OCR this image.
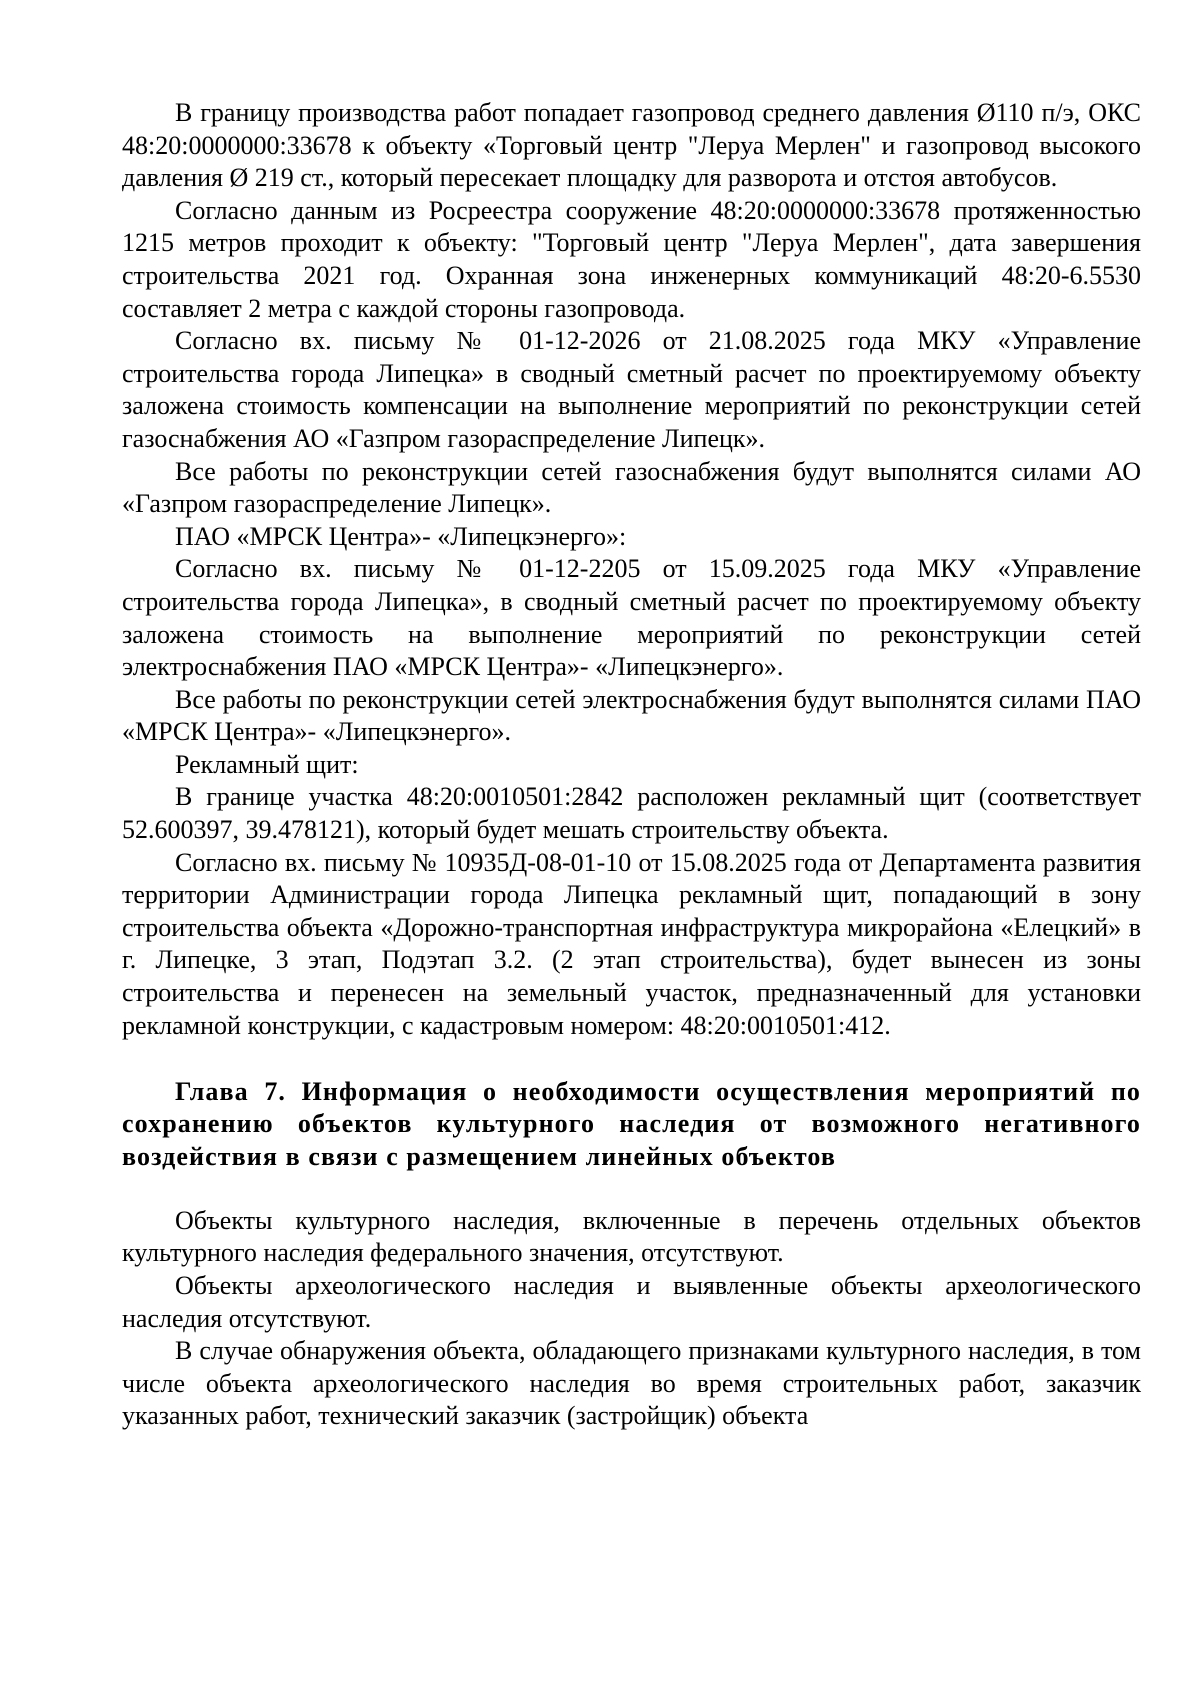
В границу производства работ попадает газопровод среднего давления Ø110 п/э, ОКС 48:20:0000000:33678 к объекту «Торговый центр "Леруа Мерлен" и газопровод высокого давления Ø 219 ст., который пересекает площадку для разворота и отстоя автобусов.

Согласно данным из Росреестра сооружение 48:20:0000000:33678 протяженностью 1215 метров проходит к объекту: "Торговый центр "Леруа Мерлен", дата завершения строительства 2021 год. Охранная зона инженерных коммуникаций 48:20-6.5530 составляет 2 метра с каждой стороны газопровода.

Согласно вх. письму № 01-12-2026 от 21.08.2025 года МКУ «Управление строительства города Липецка» в сводный сметный расчет по проектируемому объекту заложена стоимость компенсации на выполнение мероприятий по реконструкции сетей газоснабжения АО «Газпром газораспределение Липецк».

Все работы по реконструкции сетей газоснабжения будут выполнятся силами АО «Газпром газораспределение Липецк».

ПАО «МРСК Центра»- «Липецкэнерго»:

Согласно вх. письму № 01-12-2205 от 15.09.2025 года МКУ «Управление строительства города Липецка», в сводный сметный расчет по проектируемому объекту заложена стоимость на выполнение мероприятий по реконструкции сетей электроснабжения ПАО «МРСК Центра»- «Липецкэнерго».

Все работы по реконструкции сетей электроснабжения будут выполнятся силами ПАО «МРСК Центра»- «Липецкэнерго».

Рекламный щит:

В границе участка 48:20:0010501:2842 расположен рекламный щит (соответствует 52.600397, 39.478121), который будет мешать строительству объекта.

Согласно вх. письму № 10935Д-08-01-10 от 15.08.2025 года от Департамента развития территории Администрации города Липецка рекламный щит, попадающий в зону строительства объекта «Дорожно-транспортная инфраструктура микрорайона «Елецкий» в г. Липецке, 3 этап, Подэтап 3.2. (2 этап строительства), будет вынесен из зоны строительства и перенесен на земельный участок, предназначенный для установки рекламной конструкции, с кадастровым номером: 48:20:0010501:412.

Глава 7. Информация о необходимости осуществления мероприятий по сохранению объектов культурного наследия от возможного негативного воздействия в связи с размещением линейных объектов

Объекты культурного наследия, включенные в перечень отдельных объектов культурного наследия федерального значения, отсутствуют.

Объекты археологического наследия и выявленные объекты археологического наследия отсутствуют.

В случае обнаружения объекта, обладающего признаками культурного наследия, в том числе объекта археологического наследия во время строительных работ, заказчик указанных работ, технический заказчик (застройщик) объекта
